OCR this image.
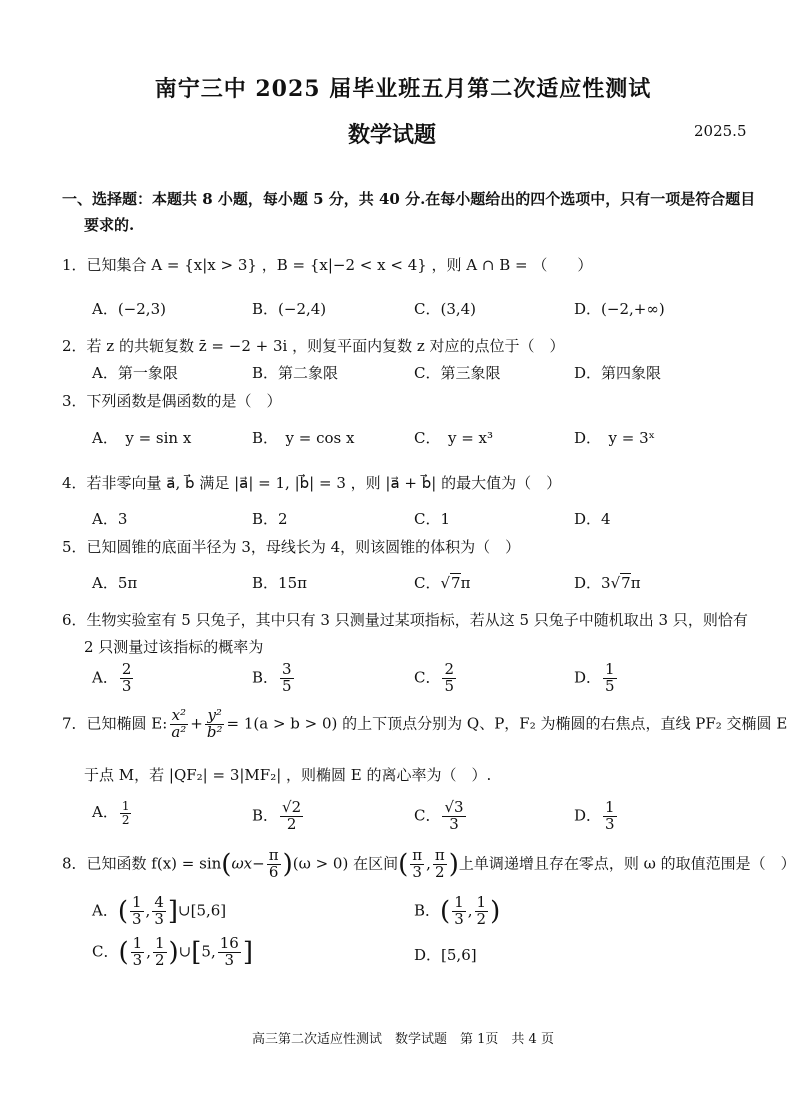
南宁三中 2025 届毕业班五月第二次适应性测试
数学试题	2025.5
一、选择题：本题共 8 小题，每小题 5 分，共 40 分.在每小题给出的四个选项中，只有一项是符合题目
要求的.
1．已知集合 A = {x|x > 3} ，B = {x|−2 < x < 4} ，则 A ∩ B = （　　）
A．(−2,3)	B．(−2,4)	C．(3,4)	D．(−2,+∞)
2．若 z 的共轭复数 z̄ = −2 + 3i ，则复平面内复数 z 对应的点位于（　）
A．第一象限	B．第二象限	C．第三象限	D．第四象限
3．下列函数是偶函数的是（　）
A．　y = sin x	B．　y = cos x	C．　y = x³	D．　y = 3ˣ
4．若非零向量 a⃗, b⃗ 满足 |a⃗| = 1, |b⃗| = 3 ，则 |a⃗ + b⃗| 的最大值为（　）
A．3	B．2	C．1	D．4
5．已知圆锥的底面半径为 3，母线长为 4，则该圆锥的体积为（　）
A．5π	B．15π	C．√7π	D．3√7π
6．生物实验室有 5 只兔子，其中只有 3 只测量过某项指标，若从这 5 只兔子中随机取出 3 只，则恰有
2 只测量过该指标的概率为
A． $\frac{2}{3}$	B． $\frac{3}{5}$	C． $\frac{2}{5}$	D． $\frac{1}{5}$
7．已知椭圆 E: $\frac{\text{x²}}{\text{a²}} + \frac{\text{y²}}{\text{b²}} = 1(a > b > 0)$ 的上下顶点分别为 Q、P，F₂ 为椭圆的右焦点，直线 PF₂ 交椭圆 E
于点 M，若 |QF₂| = 3|MF₂| ，则椭圆 E 的离心率为（　）.
A． $\frac{1}{2}$	B． $\frac{√2}{2}$	C． $\frac{√3}{3}$	D． $\frac{1}{3}$
8．已知函数 $f(x) = \sin(\omega x- \frac{\pi}{6} )(\omega > 0)$ 在区间( $\frac{\pi}{3}$ , $\frac{\pi}{2}$ )上单调递增且存在零点，则 ω 的取值范围是（　）
A．( $\frac{1}{3}$ , $\frac{4}{3}$ ]∪[5,6]	B．( $\frac{1}{3}$ , $\frac{1}{2}$ )
C．( $\frac{1}{3}$ , $\frac{1}{2}$ )∪[5, $\frac{16}{3}$ ]	D．[5,6]
高三第二次适应性测试　数学试题　第 1页　共 4 页
